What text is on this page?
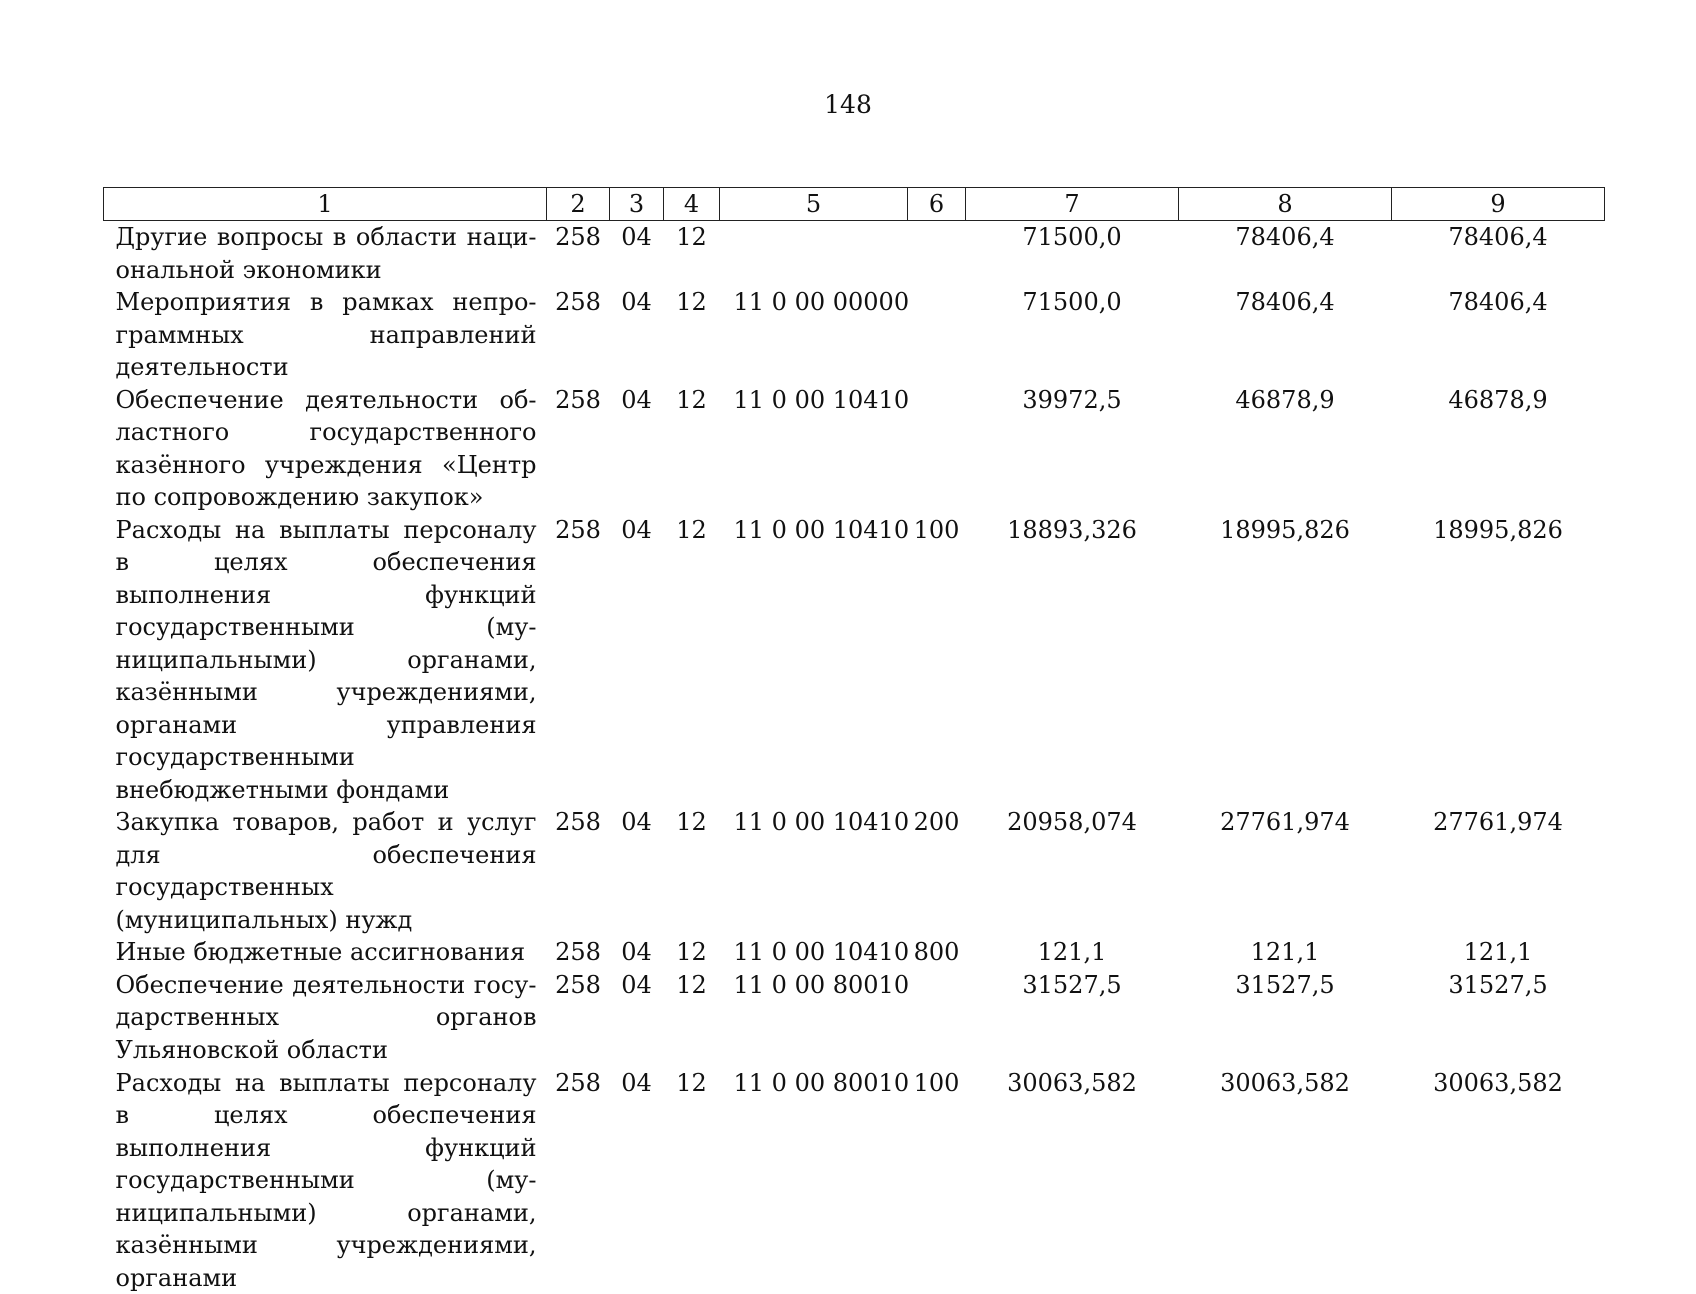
148
1	2	3	4	5	6	7	8	9

Другие вопросы в области национальной экономики	258	04	12			71500,0	78406,4	78406,4

Мероприятия в рамках непрограммных направлений деятельности	258	04	12	11 0 00 00000		71500,0	78406,4	78406,4

Обеспечение деятельности областного государственного казённого учреждения «Центр по сопровождению закупок»	258	04	12	11 0 00 10410		39972,5	46878,9	46878,9

Расходы на выплаты персоналу в целях обеспечения выполнения функций государственными (муниципальными) органами, казёнными учреждениями, органами управления государственными внебюджетными фондами	258	04	12	11 0 00 10410	100	18893,326	18995,826	18995,826

Закупка товаров, работ и услуг для обеспечения государственных (муниципальных) нужд	258	04	12	11 0 00 10410	200	20958,074	27761,974	27761,974

Иные бюджетные ассигнования	258	04	12	11 0 00 10410	800	121,1	121,1	121,1

Обеспечение деятельности государственных органов Ульяновской области	258	04	12	11 0 00 80010		31527,5	31527,5	31527,5

Расходы на выплаты персоналу в целях обеспечения выполнения функций государственными (муниципальными) органами, казёнными учреждениями, органами	258	04	12	11 0 00 80010	100	30063,582	30063,582	30063,582
